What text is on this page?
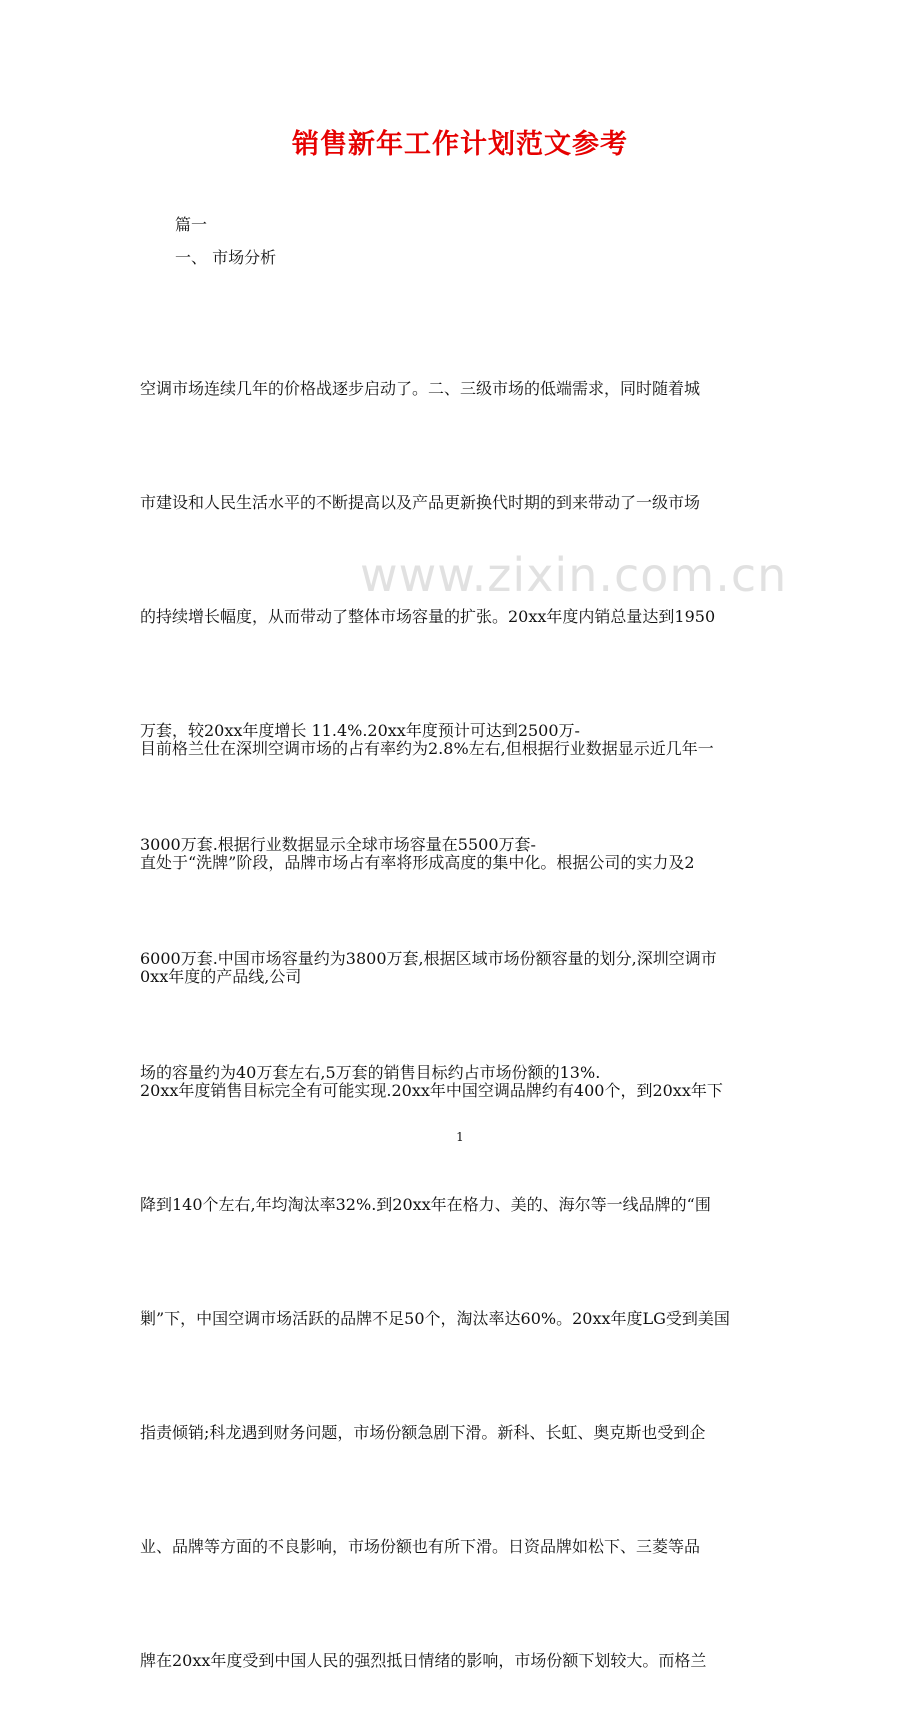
销售新年工作计划范文参考
篇一
一、 市场分析

空调市场连续几年的价格战逐步启动了。二、三级市场的低端需求，同时随着城

市建设和人民生活水平的不断提高以及产品更新换代时期的到来带动了一级市场

的持续增长幅度，从而带动了整体市场容量的扩张。20xx年度内销总量达到1950

万套，较20xx年度增长 11.4%.20xx年度预计可达到2500万-

3000万套.根据行业数据显示全球市场容量在5500万套-

6000万套.中国市场容量约为3800万套,根据区域市场份额容量的划分,深圳空调市

场的容量约为40万套左右,5万套的销售目标约占市场份额的13%.

www.zixin.com.cn

目前格兰仕在深圳空调市场的占有率约为2.8%左右,但根据行业数据显示近几年一

直处于“洗牌”阶段，品牌市场占有率将形成高度的集中化。根据公司的实力及2

0xx年度的产品线,公司

20xx年度销售目标完全有可能实现.20xx年中国空调品牌约有400个，到20xx年下

降到140个左右,年均淘汰率32%.到20xx年在格力、美的、海尔等一线品牌的“围

剿”下，中国空调市场活跃的品牌不足50个，淘汰率达60%。20xx年度LG受到美国

指责倾销;科龙遇到财务问题，市场份额急剧下滑。新科、长虹、奥克斯也受到企

业、品牌等方面的不良影响，市场份额也有所下滑。日资品牌如松下、三菱等品

牌在20xx年度受到中国人民的强烈抵日情绪的影响，市场份额下划较大。而格兰

1
